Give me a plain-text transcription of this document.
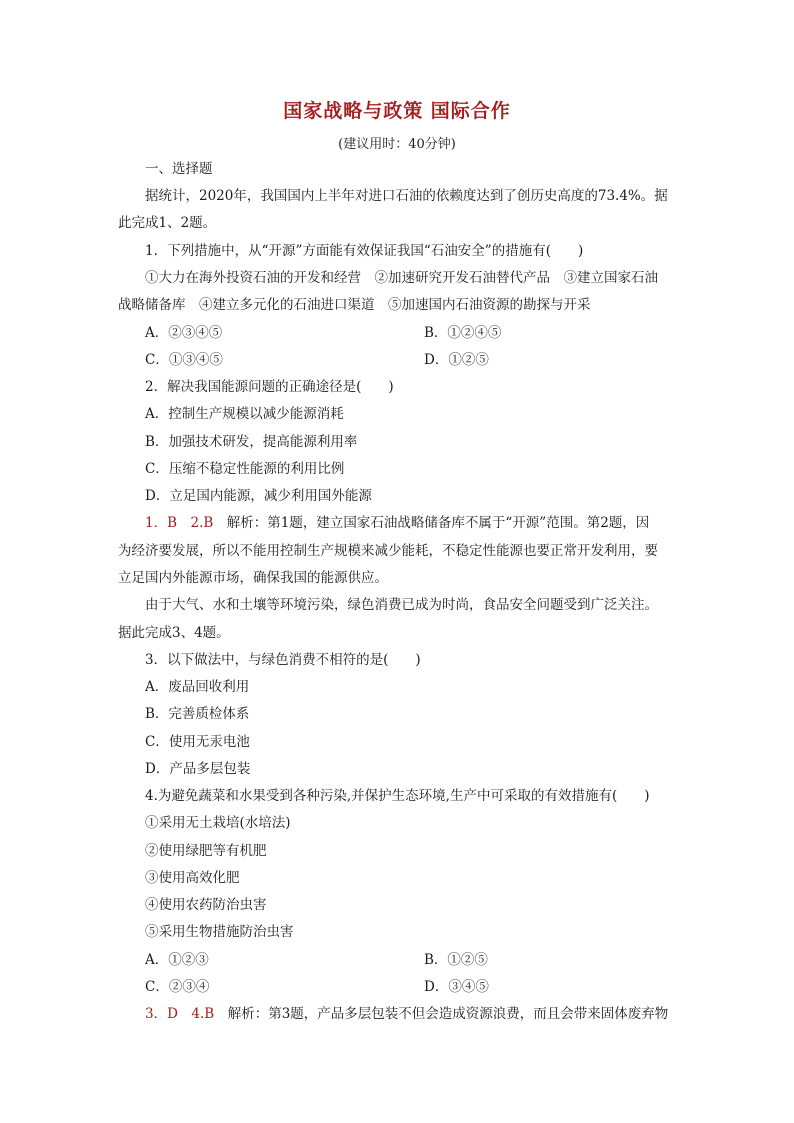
国家战略与政策 国际合作
(建议用时：40分钟)
一、选择题
据统计，2020年，我国国内上半年对进口石油的依赖度达到了创历史高度的73.4%。据
此完成1、2题。
1．下列措施中，从“开源”方面能有效保证我国“石油安全”的措施有(　　)
①大力在海外投资石油的开发和经营　②加速研究开发石油替代产品　③建立国家石油
战略储备库　④建立多元化的石油进口渠道　⑤加速国内石油资源的勘探与开采
A．②③④⑤	B．①②④⑤
C．①③④⑤	D．①②⑤
2．解决我国能源问题的正确途径是(　　)
A．控制生产规模以减少能源消耗
B．加强技术研发，提高能源利用率
C．压缩不稳定性能源的利用比例
D．立足国内能源，减少利用国外能源
1．B　2.B　解析：第1题，建立国家石油战略储备库不属于“开源”范围。第2题，因
为经济要发展，所以不能用控制生产规模来减少能耗，不稳定性能源也要正常开发利用，要
立足国内外能源市场，确保我国的能源供应。
由于大气、水和土壤等环境污染，绿色消费已成为时尚，食品安全问题受到广泛关注。
据此完成3、4题。
3．以下做法中，与绿色消费不相符的是(　　)
A．废品回收利用
B．完善质检体系
C．使用无汞电池
D．产品多层包装
4.为避免蔬菜和水果受到各种污染,并保护生态环境,生产中可采取的有效措施有(　　)
①采用无土栽培(水培法)
②使用绿肥等有机肥
③使用高效化肥
④使用农药防治虫害
⑤采用生物措施防治虫害
A．①②③	B．①②⑤
C．②③④	D．③④⑤
3．D　4.B　解析：第3题，产品多层包装不但会造成资源浪费，而且会带来固体废弃物
